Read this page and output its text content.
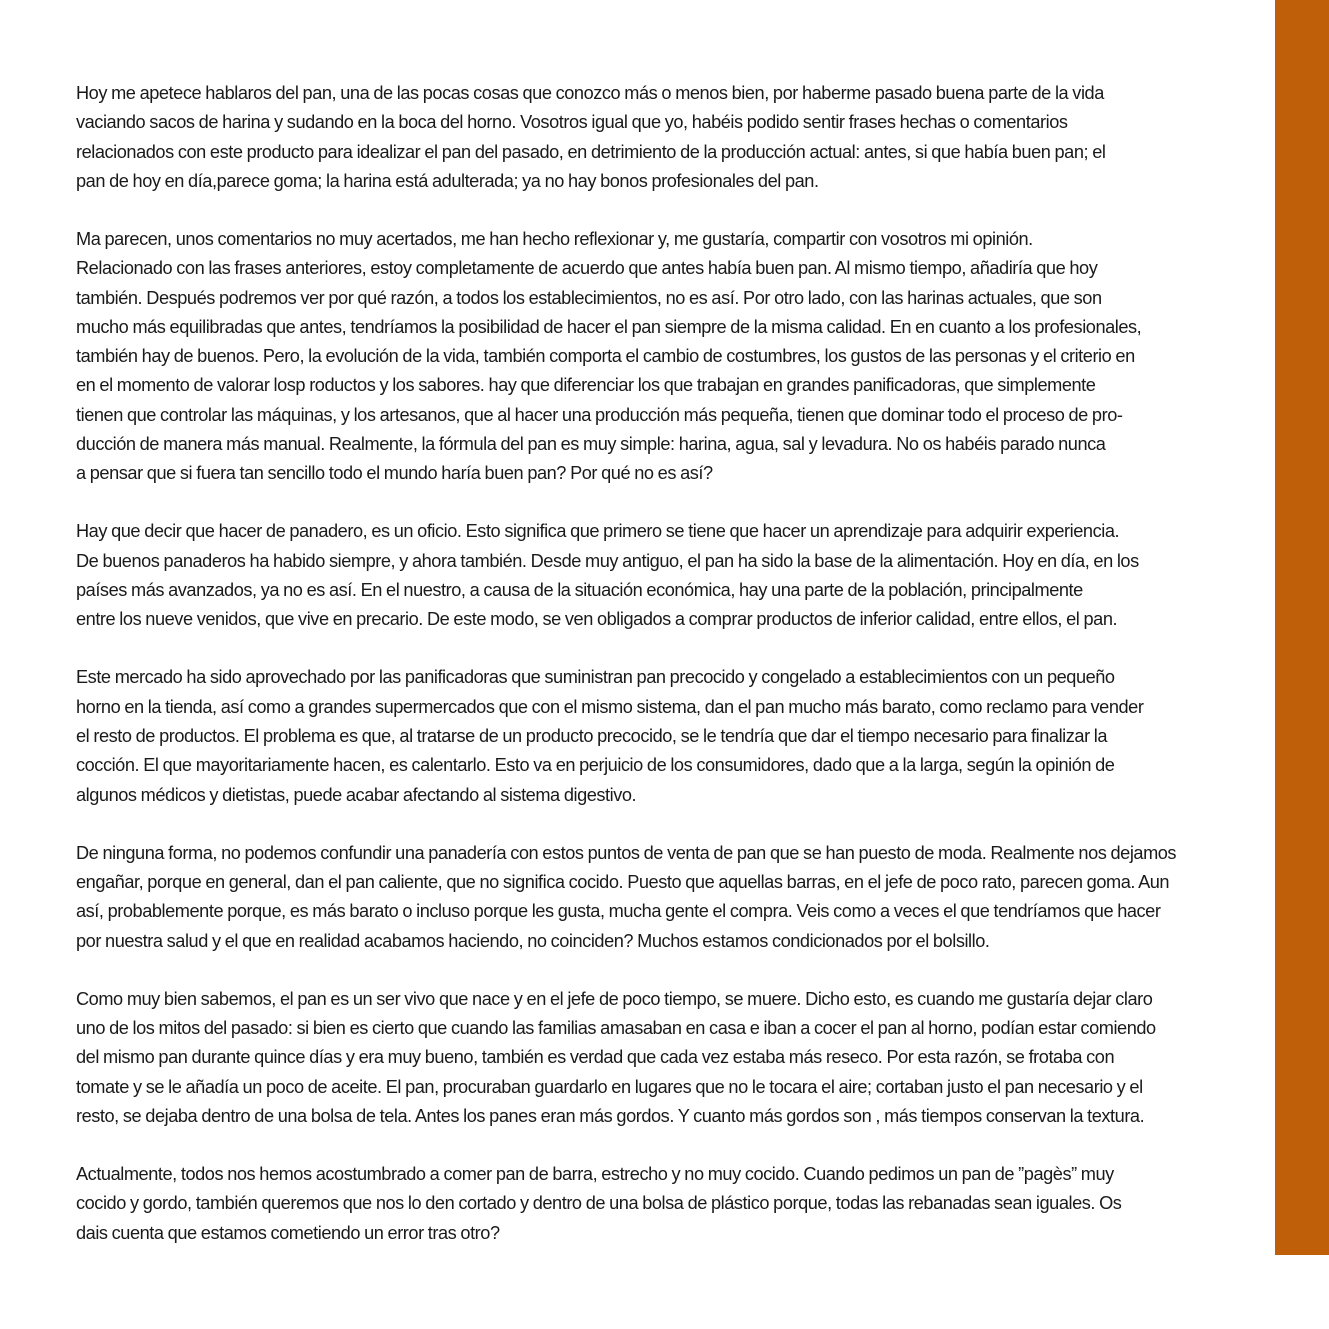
Hoy me apetece hablaros del pan, una de las pocas cosas que conozco más o menos bien, por haberme pasado buena parte de la vida
vaciando sacos de harina y sudando en la boca del horno. Vosotros igual que yo, habéis podido sentir frases hechas o comentarios
relacionados con este producto para idealizar el pan del pasado, en detrimiento de la producción actual: antes, si que había buen pan; el
pan de hoy en día,parece goma; la harina está adulterada; ya no hay bonos profesionales del pan.
Ma parecen, unos comentarios no muy acertados, me han hecho reflexionar y, me gustaría, compartir con vosotros mi opinión.
Relacionado con las frases anteriores, estoy completamente de acuerdo que antes había buen pan. Al mismo tiempo, añadiría que hoy
también. Después podremos ver por qué razón, a todos los establecimientos, no es así. Por otro lado, con las harinas actuales, que son
mucho más equilibradas que antes, tendríamos la posibilidad de hacer el pan siempre de la misma calidad. En en cuanto a los profesionales,
también hay de buenos. Pero, la evolución de la vida, también comporta el cambio de costumbres, los gustos de las personas y el criterio en
en el momento de valorar losp roductos y los sabores. hay que diferenciar los que trabajan en grandes panificadoras, que simplemente
tienen que controlar las máquinas, y los artesanos, que al hacer una producción más pequeña, tienen que dominar todo el proceso de pro-
ducción de manera más manual. Realmente, la fórmula del pan es muy simple: harina, agua, sal y levadura. No os habéis parado nunca
a pensar que si fuera tan sencillo todo el mundo haría buen pan? Por qué no es así?
Hay que decir que hacer de panadero, es un oficio. Esto significa que primero se tiene que hacer un aprendizaje para adquirir experiencia.
De buenos panaderos ha habido siempre, y ahora también. Desde muy antiguo, el pan ha sido la base de la alimentación. Hoy en día, en los
países más avanzados, ya no es así. En el nuestro, a causa de la situación económica, hay una parte de la población, principalmente
entre los nueve venidos, que vive en precario. De este modo, se ven obligados a comprar productos de inferior calidad, entre ellos, el pan.
Este mercado ha sido aprovechado por las panificadoras que suministran pan precocido y congelado a establecimientos con un pequeño
horno en la tienda, así como a grandes supermercados que con el mismo sistema, dan el pan mucho más barato, como reclamo para vender
el resto de productos. El problema es que, al tratarse de un producto precocido, se le tendría que dar el tiempo necesario para finalizar la
cocción. El que mayoritariamente hacen, es calentarlo. Esto va en perjuicio de los consumidores, dado que a la larga, según la opinión de
algunos médicos y dietistas, puede acabar afectando al sistema digestivo.
De ninguna forma, no podemos confundir una panadería con estos puntos de venta de pan que se han puesto de moda. Realmente nos dejamos
engañar, porque en general, dan el pan caliente, que no significa cocido. Puesto que aquellas barras, en el jefe de poco rato, parecen goma. Aun
así, probablemente porque, es más barato o incluso porque les gusta, mucha gente el compra. Veis como a veces el que tendríamos que hacer
por nuestra salud y el que en realidad acabamos haciendo, no coinciden? Muchos estamos condicionados por el bolsillo.
Como muy bien sabemos, el pan es un ser vivo que nace y en el jefe de poco tiempo, se muere. Dicho esto, es cuando me gustaría dejar claro
uno de los mitos del pasado: si bien es cierto que cuando las familias amasaban en casa e iban a cocer el pan al horno, podían estar comiendo
del mismo pan durante quince días y era muy bueno, también es verdad que cada vez estaba más reseco. Por esta razón, se frotaba con
tomate y se le añadía un poco de aceite. El pan, procuraban guardarlo en lugares que no le tocara el aire; cortaban justo el pan necesario y el
resto, se dejaba dentro de una bolsa de tela. Antes los panes eran más gordos. Y cuanto más gordos son , más tiempos conservan la textura.
Actualmente, todos nos hemos acostumbrado a comer pan de barra, estrecho y no muy cocido. Cuando pedimos un pan de ”pagès” muy
cocido y gordo, también queremos que nos lo den cortado y dentro de una bolsa de plástico porque, todas las rebanadas sean iguales. Os
dais cuenta que estamos cometiendo un error tras otro?
